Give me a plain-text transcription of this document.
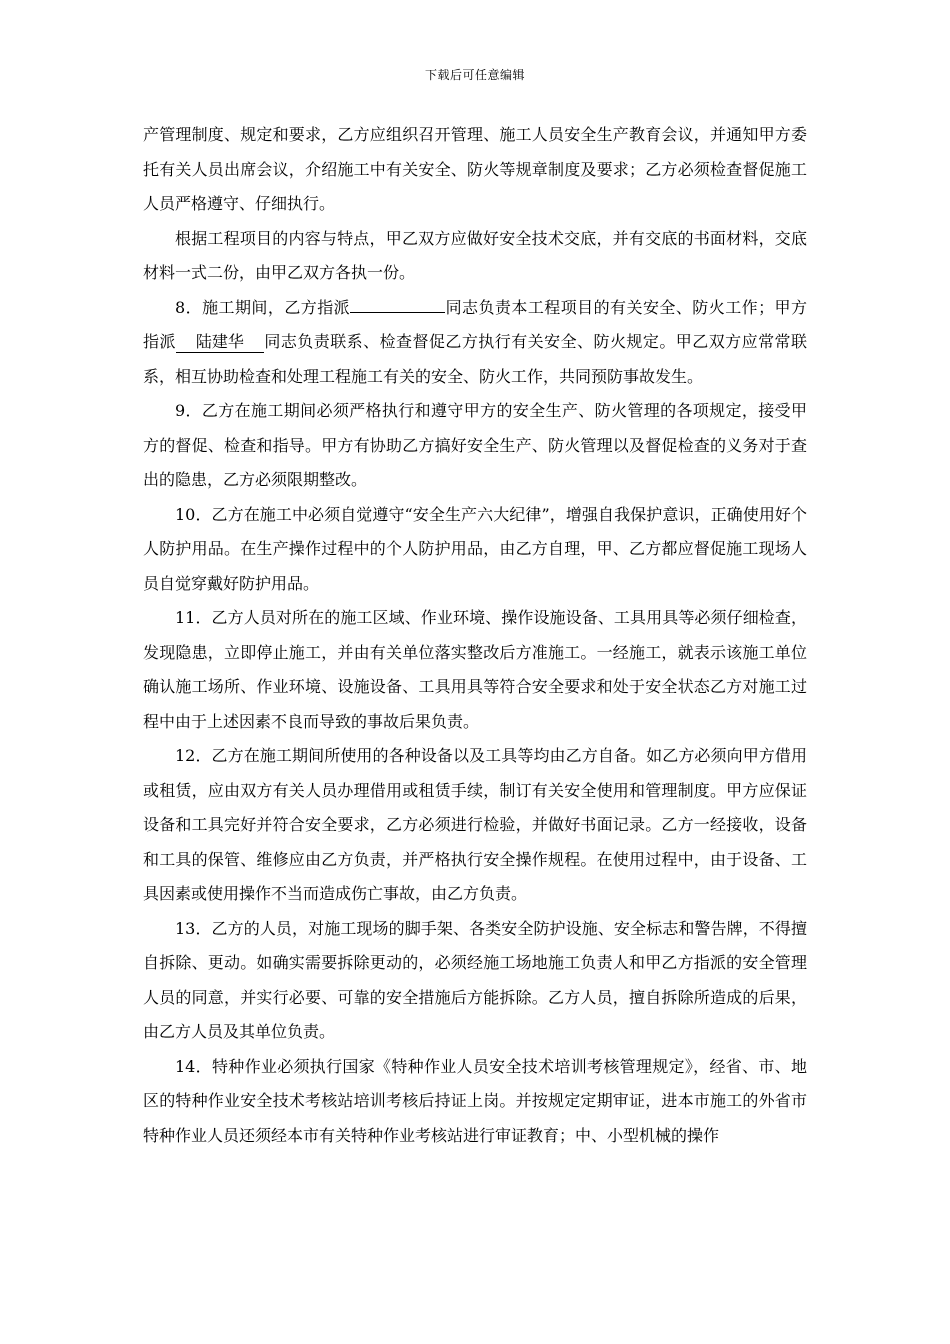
下载后可任意编辑

产管理制度、规定和要求，乙方应组织召开管理、施工人员安全生产教育会议，并通知甲方委托有关人员出席会议，介绍施工中有关安全、防火等规章制度及要求；乙方必须检查督促施工人员严格遵守、仔细执行。

根据工程项目的内容与特点，甲乙双方应做好安全技术交底，并有交底的书面材料，交底材料一式二份，由甲乙双方各执一份。

8．施工期间，乙方指派	同志负责本工程项目的有关安全、防火工作；甲方指派 陆建华 同志负责联系、检查督促乙方执行有关安全、防火规定。甲乙双方应常常联系，相互协助检查和处理工程施工有关的安全、防火工作，共同预防事故发生。

9．乙方在施工期间必须严格执行和遵守甲方的安全生产、防火管理的各项规定，接受甲方的督促、检查和指导。甲方有协助乙方搞好安全生产、防火管理以及督促检查的义务对于查出的隐患，乙方必须限期整改。

10．乙方在施工中必须自觉遵守“安全生产六大纪律”，增强自我保护意识，正确使用好个人防护用品。在生产操作过程中的个人防护用品，由乙方自理，甲、乙方都应督促施工现场人员自觉穿戴好防护用品。

11．乙方人员对所在的施工区域、作业环境、操作设施设备、工具用具等必须仔细检查，发现隐患，立即停止施工，并由有关单位落实整改后方准施工。一经施工，就表示该施工单位确认施工场所、作业环境、设施设备、工具用具等符合安全要求和处于安全状态乙方对施工过程中由于上述因素不良而导致的事故后果负责。

12．乙方在施工期间所使用的各种设备以及工具等均由乙方自备。如乙方必须向甲方借用或租赁，应由双方有关人员办理借用或租赁手续，制订有关安全使用和管理制度。甲方应保证设备和工具完好并符合安全要求，乙方必须进行检验，并做好书面记录。乙方一经接收，设备和工具的保管、维修应由乙方负责，并严格执行安全操作规程。在使用过程中，由于设备、工具因素或使用操作不当而造成伤亡事故，由乙方负责。

13．乙方的人员，对施工现场的脚手架、各类安全防护设施、安全标志和警告牌，不得擅自拆除、更动。如确实需要拆除更动的，必须经施工场地施工负责人和甲乙方指派的安全管理人员的同意，并实行必要、可靠的安全措施后方能拆除。乙方人员，擅自拆除所造成的后果，由乙方人员及其单位负责。

14．特种作业必须执行国家《特种作业人员安全技术培训考核管理规定》，经省、市、地区的特种作业安全技术考核站培训考核后持证上岗。并按规定定期审证，进本市施工的外省市特种作业人员还须经本市有关特种作业考核站进行审证教育；中、小型机械的操作
